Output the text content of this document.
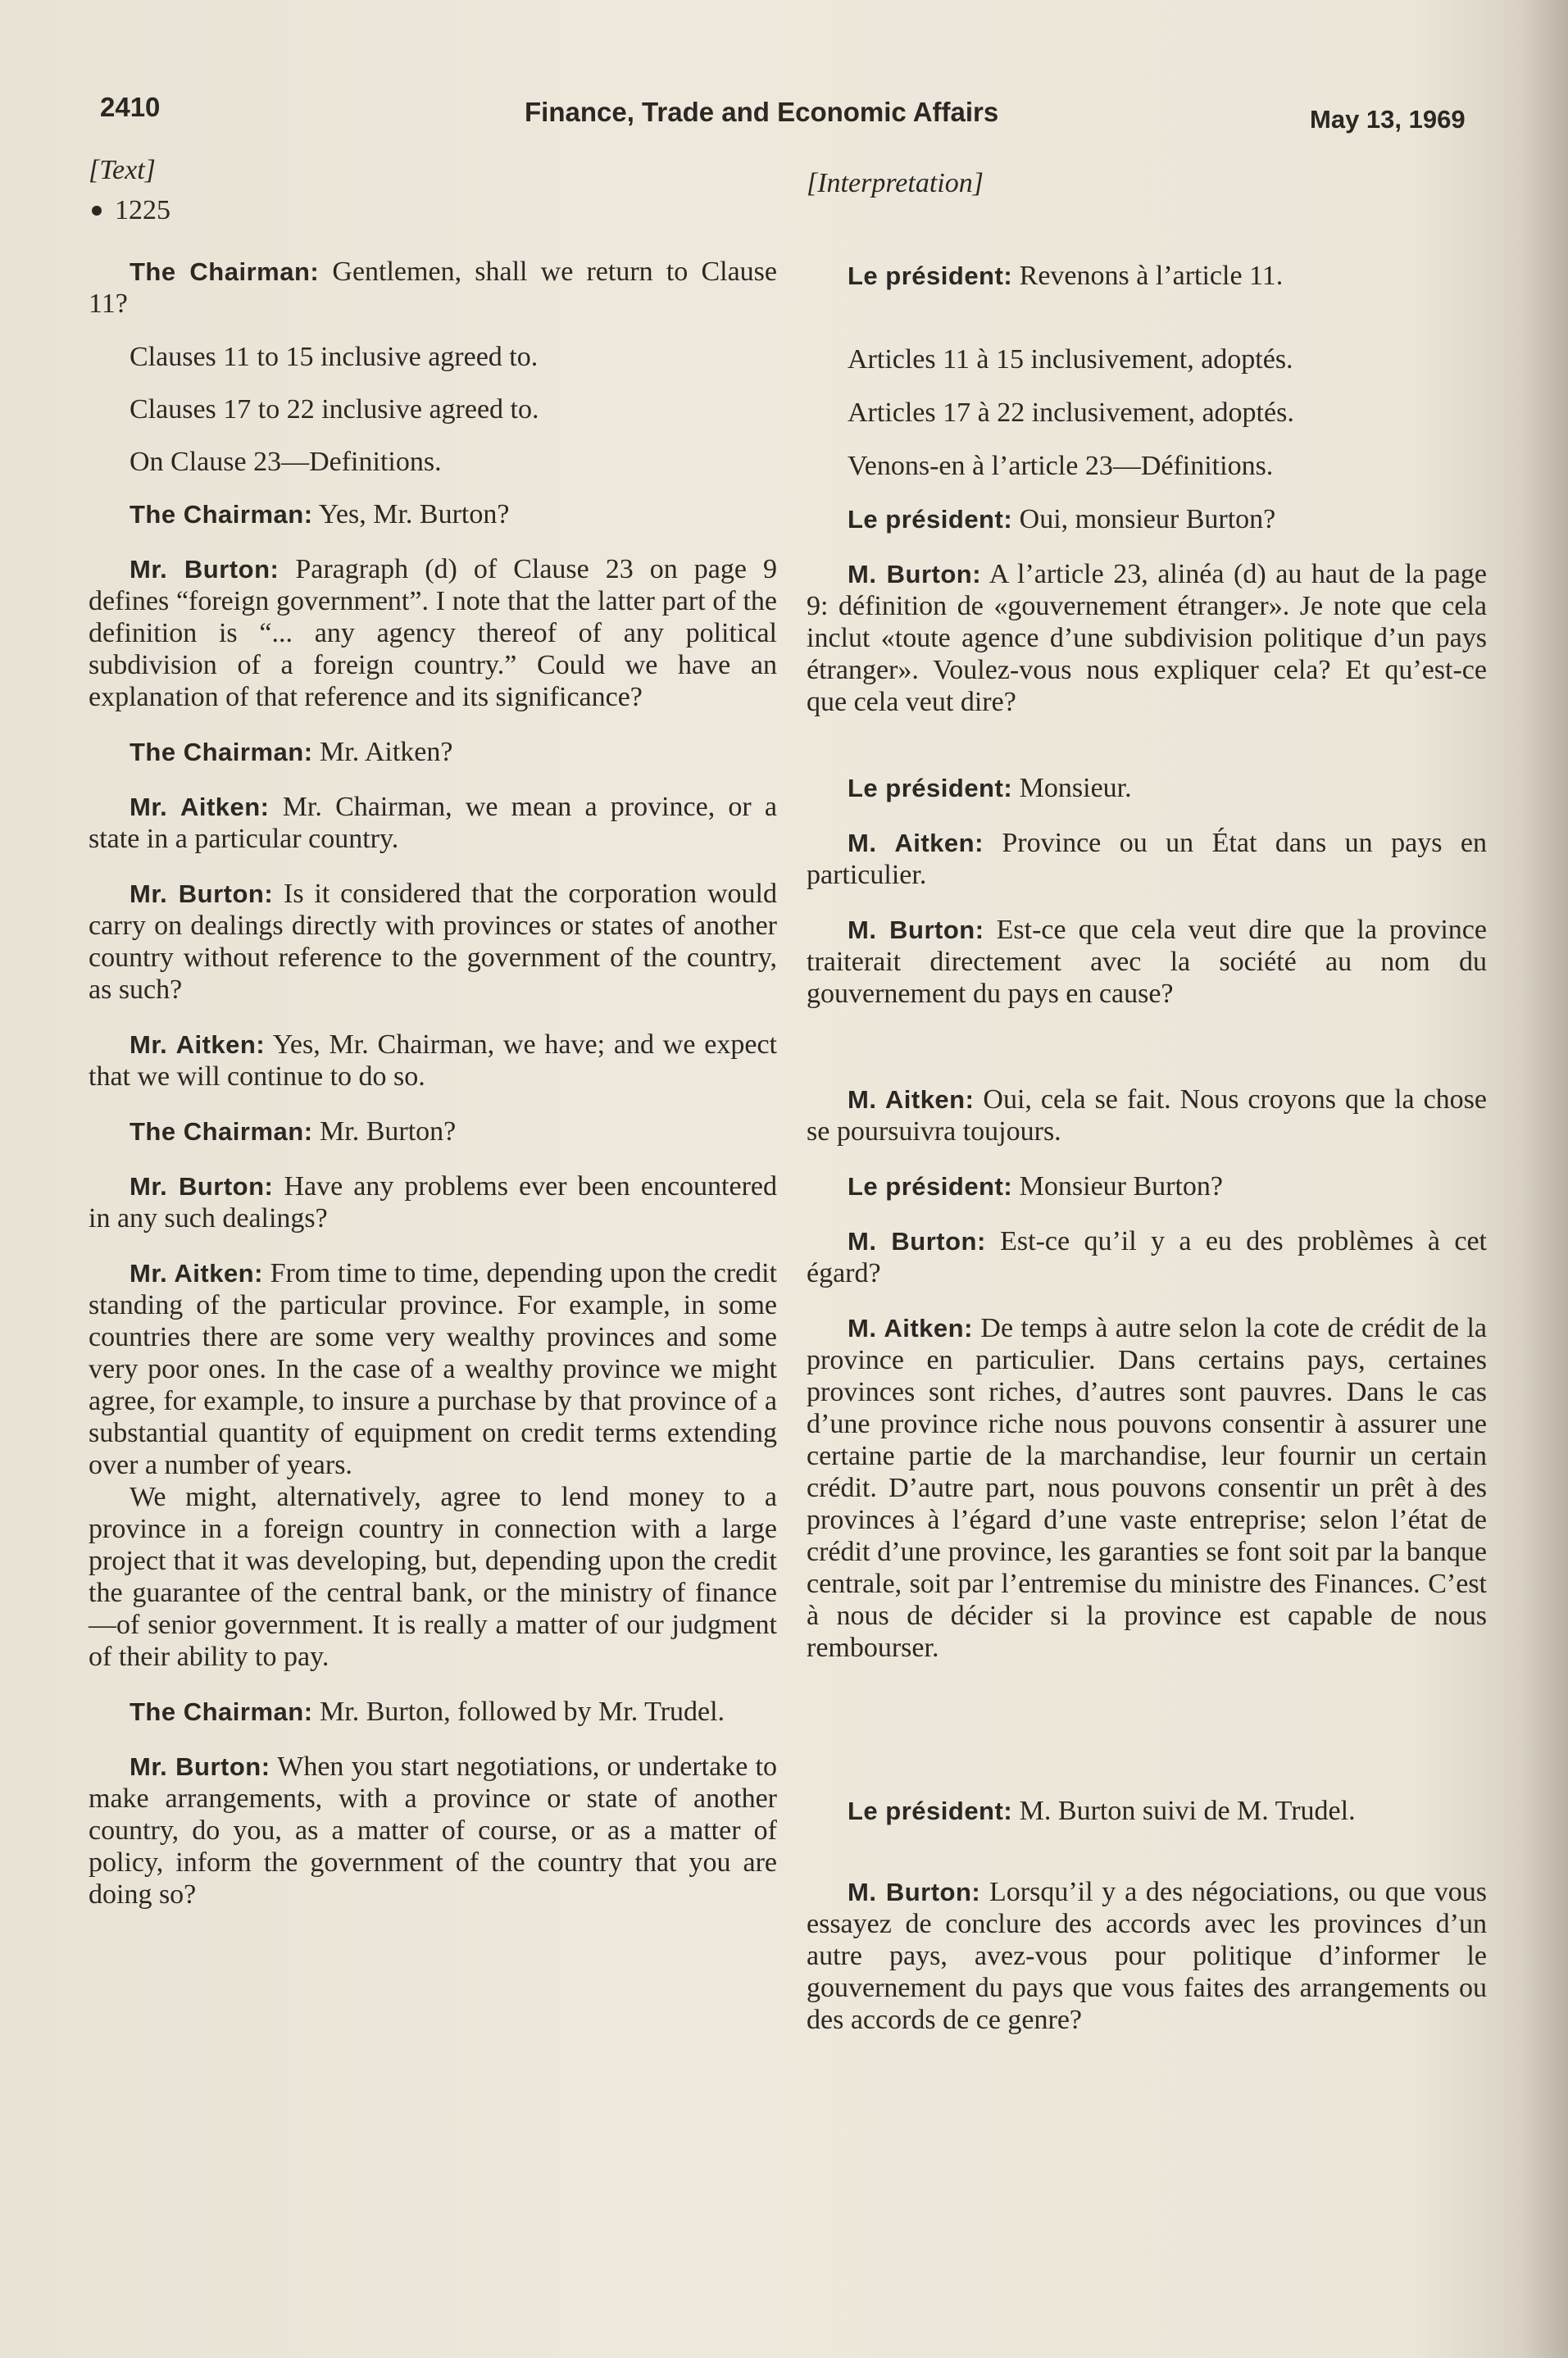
2410	Finance, Trade and Economic Affairs	May 13, 1969

[Text]

1225

The Chairman: Gentlemen, shall we return to Clause 11?

Clauses 11 to 15 inclusive agreed to.

Clauses 17 to 22 inclusive agreed to.

On Clause 23—Definitions.

The Chairman: Yes, Mr. Burton?

Mr. Burton: Paragraph (d) of Clause 23 on page 9 defines “foreign government”. I note that the latter part of the definition is “... any agency thereof of any political subdivision of a foreign country.” Could we have an explanation of that reference and its significance?

The Chairman: Mr. Aitken?

Mr. Aitken: Mr. Chairman, we mean a province, or a state in a particular country.

Mr. Burton: Is it considered that the corporation would carry on dealings directly with provinces or states of another country without reference to the government of the country, as such?

Mr. Aitken: Yes, Mr. Chairman, we have; and we expect that we will continue to do so.

The Chairman: Mr. Burton?

Mr. Burton: Have any problems ever been encountered in any such dealings?

Mr. Aitken: From time to time, depending upon the credit standing of the particular province. For example, in some countries there are some very wealthy provinces and some very poor ones. In the case of a wealthy province we might agree, for example, to insure a purchase by that province of a substantial quantity of equipment on credit terms extending over a number of years.

We might, alternatively, agree to lend money to a province in a foreign country in connection with a large project that it was developing, but, depending upon the credit the guarantee of the central bank, or the ministry of finance—of senior government. It is really a matter of our judgment of their ability to pay.

The Chairman: Mr. Burton, followed by Mr. Trudel.

Mr. Burton: When you start negotiations, or undertake to make arrangements, with a province or state of another country, do you, as a matter of course, or as a matter of policy, inform the government of the country that you are doing so?

[Interpretation]

Le président: Revenons à l’article 11.

Articles 11 à 15 inclusivement, adoptés.

Articles 17 à 22 inclusivement, adoptés.

Venons-en à l’article 23—Définitions.

Le président: Oui, monsieur Burton?

M. Burton: A l’article 23, alinéa (d) au haut de la page 9: définition de «gouvernement étranger». Je note que cela inclut «toute agence d’une subdivision politique d’un pays étranger». Voulez-vous nous expliquer cela? Et qu’est-ce que cela veut dire?

Le président: Monsieur.

M. Aitken: Province ou un État dans un pays en particulier.

M. Burton: Est-ce que cela veut dire que la province traiterait directement avec la société au nom du gouvernement du pays en cause?

M. Aitken: Oui, cela se fait. Nous croyons que la chose se poursuivra toujours.

Le président: Monsieur Burton?

M. Burton: Est-ce qu’il y a eu des problèmes à cet égard?

M. Aitken: De temps à autre selon la cote de crédit de la province en particulier. Dans certains pays, certaines provinces sont riches, d’autres sont pauvres. Dans le cas d’une province riche nous pouvons consentir à assurer une certaine partie de la marchandise, leur fournir un certain crédit. D’autre part, nous pouvons consentir un prêt à des provinces à l’égard d’une vaste entreprise; selon l’état de crédit d’une province, les garanties se font soit par la banque centrale, soit par l’entremise du ministre des Finances. C’est à nous de décider si la province est capable de nous rembourser.

Le président: M. Burton suivi de M. Trudel.

M. Burton: Lorsqu’il y a des négociations, ou que vous essayez de conclure des accords avec les provinces d’un autre pays, avez-vous pour politique d’informer le gouvernement du pays que vous faites des arrangements ou des accords de ce genre?
